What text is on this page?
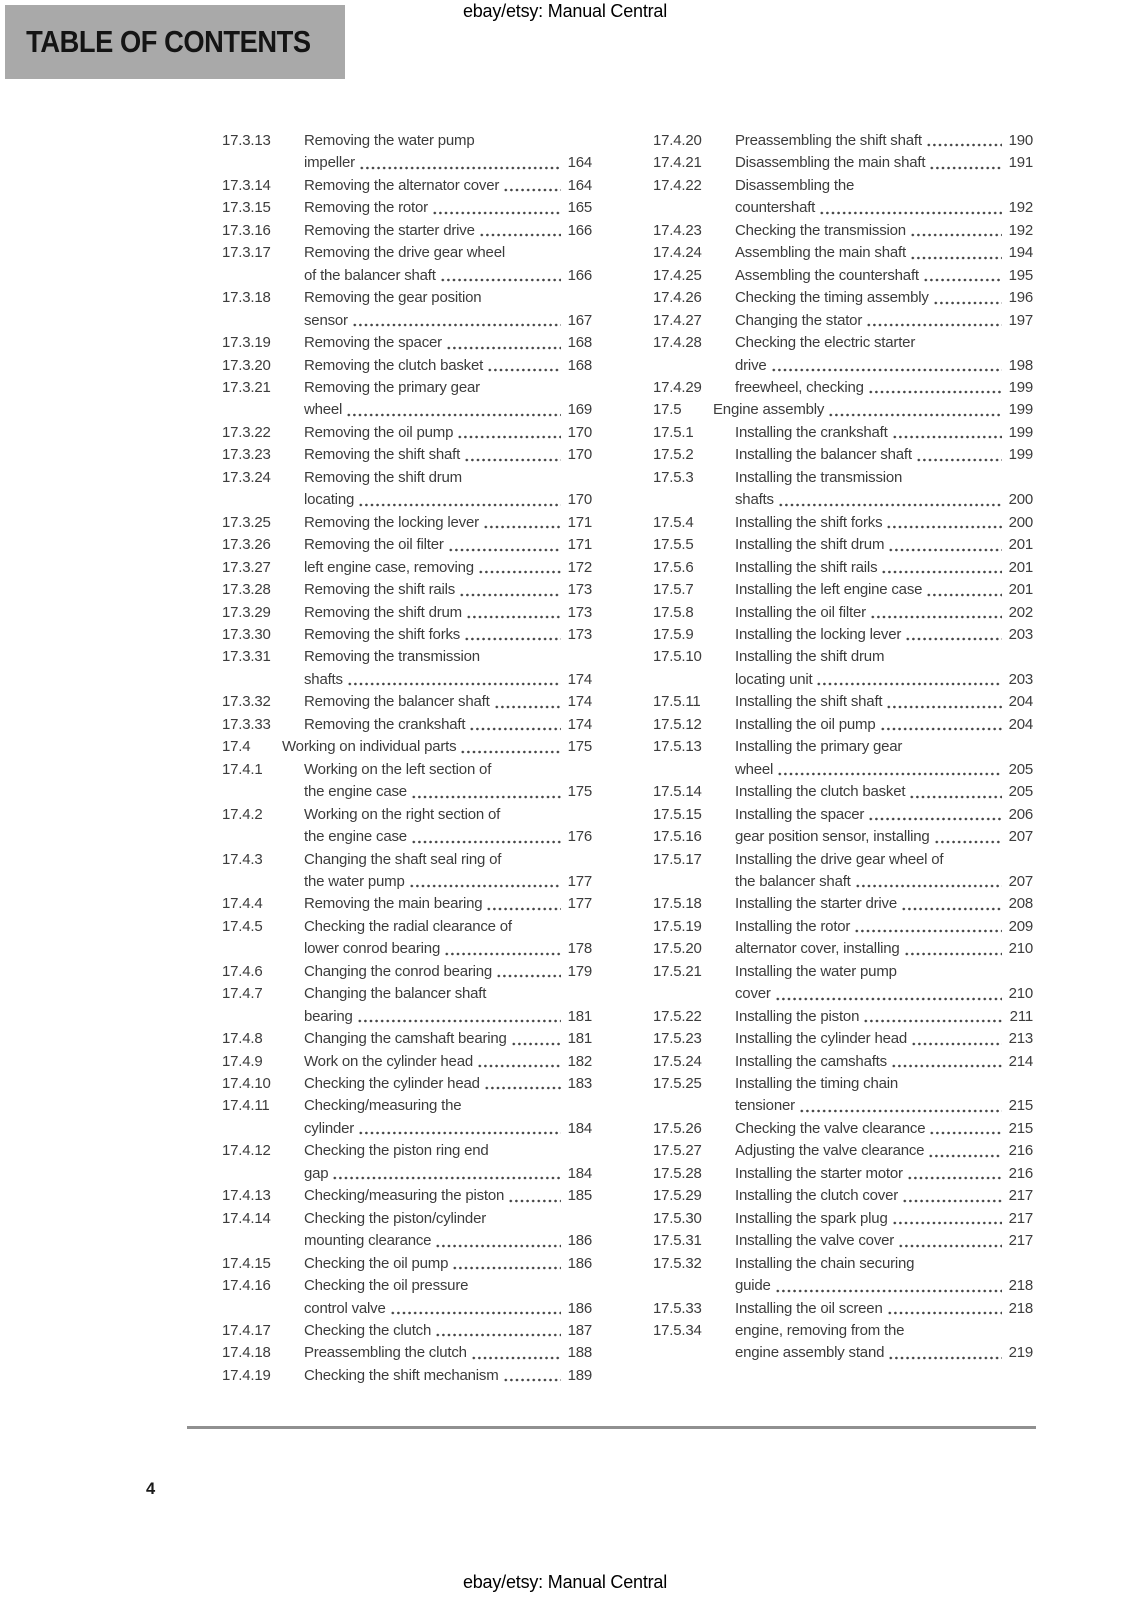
ebay/etsy: Manual Central
TABLE OF CONTENTS
17.3.13	Removing the water pump
impeller	164
17.3.14	Removing the alternator cover	164
17.3.15	Removing the rotor	165
17.3.16	Removing the starter drive	166
17.3.17	Removing the drive gear wheel
of the balancer shaft	166
17.3.18	Removing the gear position
sensor	167
17.3.19	Removing the spacer	168
17.3.20	Removing the clutch basket	168
17.3.21	Removing the primary gear
wheel	169
17.3.22	Removing the oil pump	170
17.3.23	Removing the shift shaft	170
17.3.24	Removing the shift drum
locating	170
17.3.25	Removing the locking lever	171
17.3.26	Removing the oil filter	171
17.3.27	left engine case, removing	172
17.3.28	Removing the shift rails	173
17.3.29	Removing the shift drum	173
17.3.30	Removing the shift forks	173
17.3.31	Removing the transmission
shafts	174
17.3.32	Removing the balancer shaft	174
17.3.33	Removing the crankshaft	174
17.4	Working on individual parts	175
17.4.1	Working on the left section of
the engine case	175
17.4.2	Working on the right section of
the engine case	176
17.4.3	Changing the shaft seal ring of
the water pump	177
17.4.4	Removing the main bearing	177
17.4.5	Checking the radial clearance of
lower conrod bearing	178
17.4.6	Changing the conrod bearing	179
17.4.7	Changing the balancer shaft
bearing	181
17.4.8	Changing the camshaft bearing	181
17.4.9	Work on the cylinder head	182
17.4.10	Checking the cylinder head	183
17.4.11	Checking/measuring the
cylinder	184
17.4.12	Checking the piston ring end
gap	184
17.4.13	Checking/measuring the piston	185
17.4.14	Checking the piston/cylinder
mounting clearance	186
17.4.15	Checking the oil pump	186
17.4.16	Checking the oil pressure
control valve	186
17.4.17	Checking the clutch	187
17.4.18	Preassembling the clutch	188
17.4.19	Checking the shift mechanism	189
17.4.20	Preassembling the shift shaft	190
17.4.21	Disassembling the main shaft	191
17.4.22	Disassembling the
countershaft	192
17.4.23	Checking the transmission	192
17.4.24	Assembling the main shaft	194
17.4.25	Assembling the countershaft	195
17.4.26	Checking the timing assembly	196
17.4.27	Changing the stator	197
17.4.28	Checking the electric starter
drive	198
17.4.29	freewheel, checking	199
17.5	Engine assembly	199
17.5.1	Installing the crankshaft	199
17.5.2	Installing the balancer shaft	199
17.5.3	Installing the transmission
shafts	200
17.5.4	Installing the shift forks	200
17.5.5	Installing the shift drum	201
17.5.6	Installing the shift rails	201
17.5.7	Installing the left engine case	201
17.5.8	Installing the oil filter	202
17.5.9	Installing the locking lever	203
17.5.10	Installing the shift drum
locating unit	203
17.5.11	Installing the shift shaft	204
17.5.12	Installing the oil pump	204
17.5.13	Installing the primary gear
wheel	205
17.5.14	Installing the clutch basket	205
17.5.15	Installing the spacer	206
17.5.16	gear position sensor, installing	207
17.5.17	Installing the drive gear wheel of
the balancer shaft	207
17.5.18	Installing the starter drive	208
17.5.19	Installing the rotor	209
17.5.20	alternator cover, installing	210
17.5.21	Installing the water pump
cover	210
17.5.22	Installing the piston	211
17.5.23	Installing the cylinder head	213
17.5.24	Installing the camshafts	214
17.5.25	Installing the timing chain
tensioner	215
17.5.26	Checking the valve clearance	215
17.5.27	Adjusting the valve clearance	216
17.5.28	Installing the starter motor	216
17.5.29	Installing the clutch cover	217
17.5.30	Installing the spark plug	217
17.5.31	Installing the valve cover	217
17.5.32	Installing the chain securing
guide	218
17.5.33	Installing the oil screen	218
17.5.34	engine, removing from the
engine assembly stand	219
4
ebay/etsy: Manual Central
